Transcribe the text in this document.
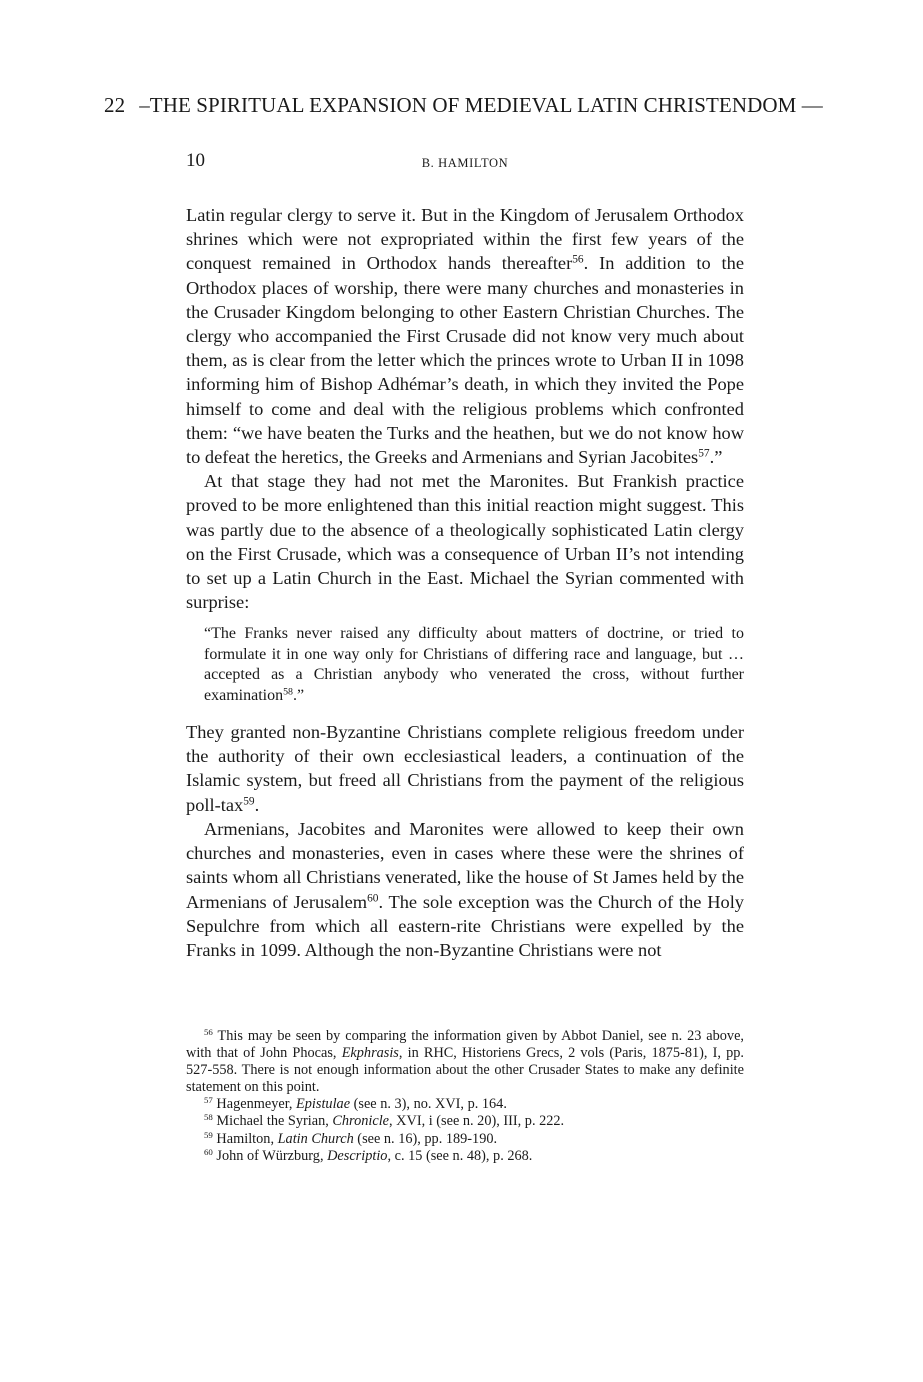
22 –THE SPIRITUAL EXPANSION OF MEDIEVAL LATIN CHRISTENDOM —
10	B. HAMILTON

Latin regular clergy to serve it. But in the Kingdom of Jerusalem Orthodox shrines which were not expropriated within the first few years of the conquest remained in Orthodox hands thereafter$^{56}$. In addition to the Orthodox places of worship, there were many churches and monasteries in the Crusader Kingdom belonging to other Eastern Christian Churches. The clergy who accompanied the First Crusade did not know very much about them, as is clear from the letter which the princes wrote to Urban II in 1098 informing him of Bishop Adhémar’s death, in which they invited the Pope himself to come and deal with the religious problems which confronted them: “we have beaten the Turks and the heathen, but we do not know how to defeat the heretics, the Greeks and Armenians and Syrian Jacobites$^{57}$.”

At that stage they had not met the Maronites. But Frankish practice proved to be more enlightened than this initial reaction might suggest. This was partly due to the absence of a theologically sophisticated Latin clergy on the First Crusade, which was a consequence of Urban II’s not intending to set up a Latin Church in the East. Michael the Syrian commented with surprise:

“The Franks never raised any difficulty about matters of doctrine, or tried to formulate it in one way only for Christians of differing race and language, but … accepted as a Christian anybody who venerated the cross, without further examination$^{58}$.”

They granted non-Byzantine Christians complete religious freedom under the authority of their own ecclesiastical leaders, a continuation of the Islamic system, but freed all Christians from the payment of the religious poll-tax$^{59}$.

Armenians, Jacobites and Maronites were allowed to keep their own churches and monasteries, even in cases where these were the shrines of saints whom all Christians venerated, like the house of St James held by the Armenians of Jerusalem$^{60}$. The sole exception was the Church of the Holy Sepulchre from which all eastern-rite Christians were expelled by the Franks in 1099. Although the non-Byzantine Christians were not

$^{56}$ This may be seen by comparing the information given by Abbot Daniel, see n. 23 above, with that of John Phocas, Ekphrasis, in RHC, Historiens Grecs, 2 vols (Paris, 1875-81), I, pp. 527-558. There is not enough information about the other Crusader States to make any definite statement on this point.
$^{57}$ Hagenmeyer, Epistulae (see n. 3), no. XVI, p. 164.
$^{58}$ Michael the Syrian, Chronicle, XVI, i (see n. 20), III, p. 222.
$^{59}$ Hamilton, Latin Church (see n. 16), pp. 189-190.
$^{60}$ John of Würzburg, Descriptio, c. 15 (see n. 48), p. 268.
